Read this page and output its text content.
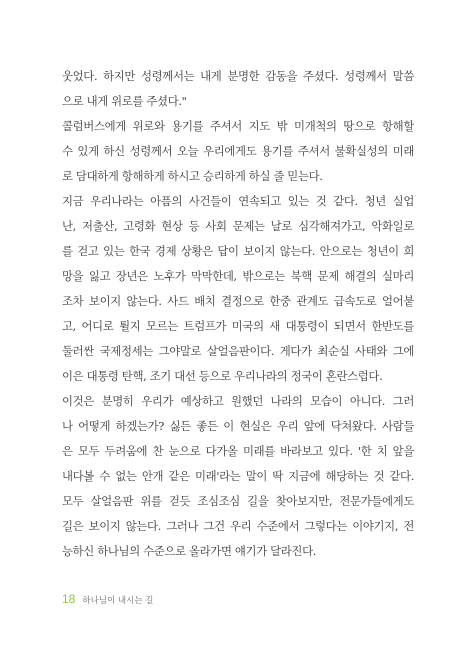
웃었다. 하지만 성령께서는 내게 분명한 감동을 주셨다. 성령께서 말씀
으로 내게 위로를 주셨다."
콜럼버스에게 위로와 용기를 주셔서 지도 밖 미개척의 땅으로 항해할
수 있게 하신 성령께서 오늘 우리에게도 용기를 주셔서 불확실성의 미래
로 담대하게 항해하게 하시고 승리하게 하실 줄 믿는다.
지금 우리나라는 아픔의 사건들이 연속되고 있는 것 같다. 청년 실업
난, 저출산, 고령화 현상 등 사회 문제는 날로 심각해져가고, 악화일로
를 걷고 있는 한국 경제 상황은 답이 보이지 않는다. 안으로는 청년이 희
망을 잃고 장년은 노후가 막막한데, 밖으로는 북핵 문제 해결의 실마리
조차 보이지 않는다. 사드 배치 결정으로 한중 관계도 급속도로 얼어붙
고, 어디로 튈지 모르는 트럼프가 미국의 새 대통령이 되면서 한반도를
둘러싼 국제정세는 그야말로 살얼음판이다. 게다가 최순실 사태와 그에
이은 대통령 탄핵, 조기 대선 등으로 우리나라의 정국이 혼란스럽다.
이것은 분명히 우리가 예상하고 원했던 나라의 모습이 아니다. 그러
나 어떻게 하겠는가? 싫든 좋든 이 현실은 우리 앞에 닥쳐왔다. 사람들
은 모두 두려움에 찬 눈으로 다가올 미래를 바라보고 있다. '한 치 앞을
내다볼 수 없는 안개 같은 미래'라는 말이 딱 지금에 해당하는 것 같다.
모두 살얼음판 위를 걷듯 조심조심 길을 찾아보지만, 전문가들에게도
길은 보이지 않는다. 그러나 그건 우리 수준에서 그렇다는 이야기지, 전
능하신 하나님의 수준으로 올라가면 얘기가 달라진다.
18 하나님이 내시는 길
